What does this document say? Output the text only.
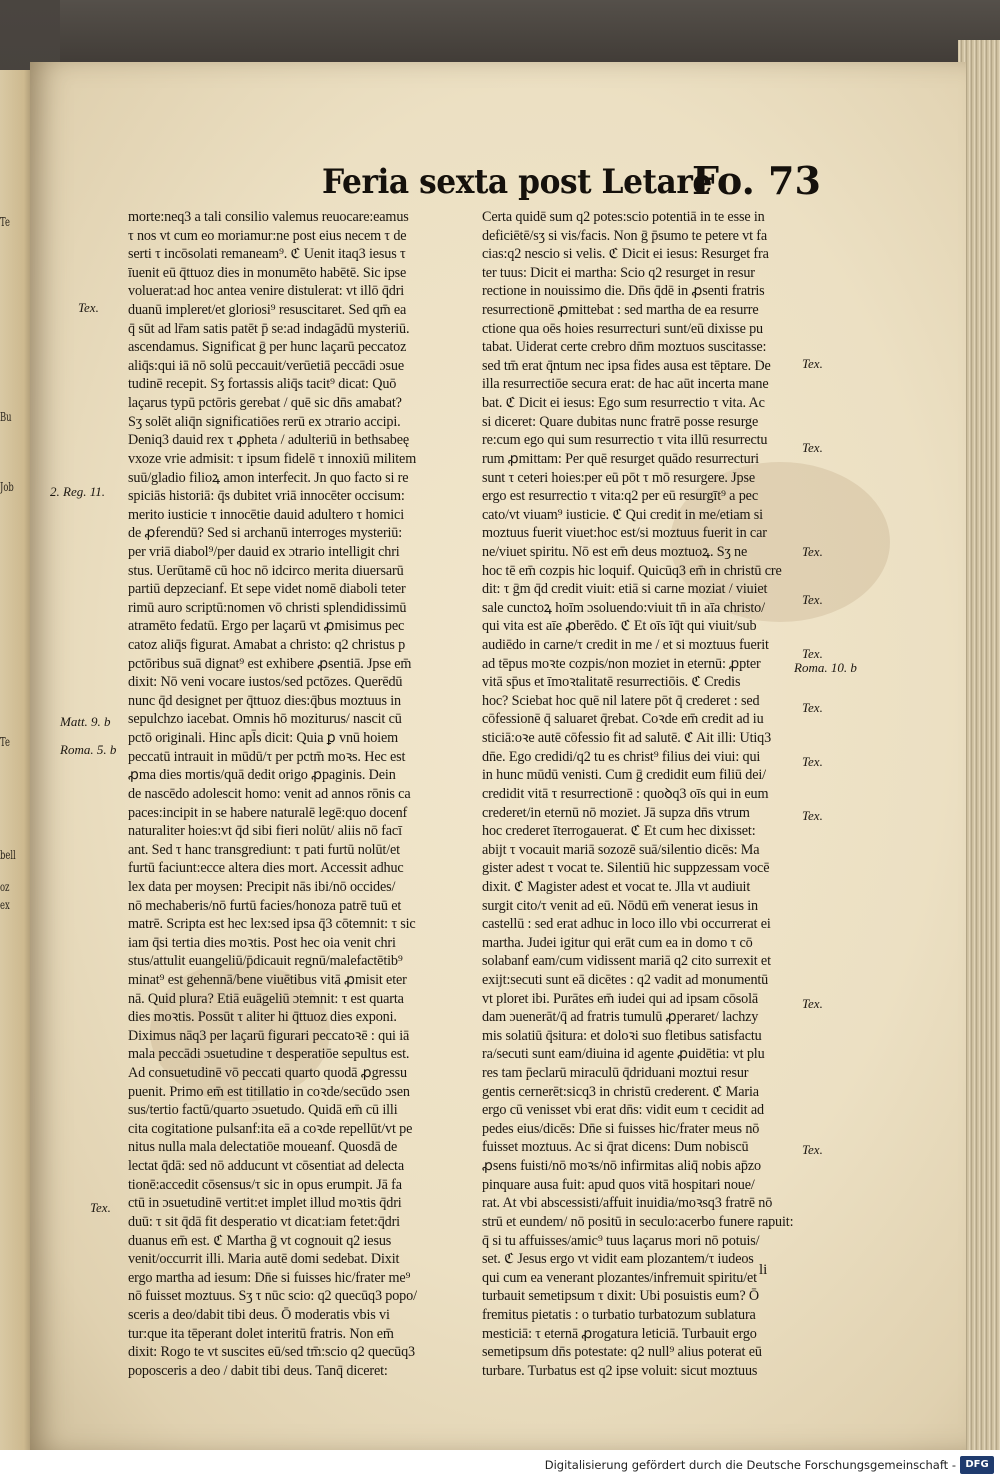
Te
Bu
Job
Te
bell
oz
ex
Feria sexta post Letare
Fo. 73
morte:neq3 a tali consilio valemus reuocare:eamus
τ nos vt cum eo moriamur:ne post eius necem τ de
serti τ incōsolati remaneam⁹. ℭ Uenit itaq3 iesus τ
īuenit eū q̄ttuoz dies in monumēto habētē. Sic ipse
voluerat:ad hoc antea venire distulerat: vt illō q̄dri
duanū impleret/et gloriosi⁹ resuscitaret. Sed qm̄ ea
q̄ sūt ad lr̄am satis patēt p̄ se:ad indagādū mysteriū.
ascendamus. Significat ḡ per hunc laçarū peccatoz
aliq̄s:qui iā nō solū peccauit/verūetiā peccādi ɔsue
tudinē recepit. Sʒ fortassis aliq̄s tacit⁹ dicat: Quō
laçarus typū pctōris gerebat / quē sic dn̄s amabat?
Sʒ solēt aliq̄n significatiōes rerū ex ɔtrario accipi.
Deniq3 dauid rex τ ꝓpheta / adulteriū in bethsabeę
vxoze vrie admisit: τ ipsum fidelē τ innoxiū militem
suū/gladio filioꝝ amon interfecit. Jn quo facto si re
spiciās historiā: q̄s dubitet vriā innocēter occisum:
merito iusticie τ innocētie dauid adultero τ homici
de ꝓferendū? Sed si archanū interroges mysteriū:
per vriā diabol⁹/per dauid ex ɔtrario intelligit chri
stus. Uerūtamē cū hoc nō idcirco merita diuersarū
partiū depzecianf. Et sepe videt nomē diaboli teter
rimū auro scriptū:nomen vō christi splendidissimū
atramēto fedatū. Ergo per laçarū vt ꝓmisimus pec
catoz aliq̄s figurat. Amabat a christo: q2 christus p
pctōribus suā dignat⁹ est exhibere ꝓsentiā. Jpse em̄
dixit: Nō veni vocare iustos/sed pctōzes. Querēdū
nunc q̄d designet per q̄ttuoz dies:q̄bus moztuus in
sepulchzo iacebat. Omnis hō moziturus/ nascit cū
pctō originali. Hinc apl̄s dicit: Quia ꝑ vnū hoiem
peccatū intrauit in mūdū/τ per pctm̄ moꝛs. Hec est
ꝓma dies mortis/quā dedit origo ꝓpaginis. Dein
de nascēdo adolescit homo: venit ad annos rōnis ca
paces:incipit in se habere naturalē legē:quo docenf
naturaliter hoies:vt q̄d sibi fieri nolūt/ aliis nō facī
ant. Sed τ hanc transgrediunt: τ pati furtū nolūt/et
furtū faciunt:ecce altera dies mort. Accessit adhuc
lex data per moysen: Precipit nās ibi/nō occides/
nō mechaberis/nō furtū facies/honoza patrē tuū et
matrē. Scripta est hec lex:sed ipsa q̄3 cōtemnit: τ sic
iam q̄si tertia dies moꝛtis. Post hec oia venit chri
stus/attulit euangeliū/p̄dicauit regnū/malefactētib⁹
minat⁹ est gehennā/bene viuētibus vitā ꝓmisit eter
nā. Quid plura? Etiā euāgeliū ɔtemnit: τ est quarta
dies moꝛtis. Possūt τ aliter hi q̄ttuoz dies exponi.
Diximus nāq3 per laçarū figurari peccatoꝛē : qui iā
mala peccādi ɔsuetudine τ desperatiōe sepultus est.
Ad consuetudinē vō peccati quarto quodā ꝓgressu
puenit. Primo em̄ est titillatio in coꝛde/secūdo ɔsen
sus/tertio factū/quarto ɔsuetudo. Quidā em̄ cū illi
cita cogitatione pulsanf:ita eā a coꝛde repellūt/vt pe
nitus nulla mala delectatiōe moueanf. Quosdā de
lectat q̄dā: sed nō adducunt vt cōsentiat ad delecta
tionē:accedit cōsensus/τ sic in opus erumpit. Jā fa
ctū in ɔsuetudinē vertit:et implet illud moꝛtis q̄dri
duū: τ sit q̄dā fit desperatio vt dicat:iam fetet:q̄dri
duanus em̄ est. ℭ Martha ḡ vt cognouit q2 iesus
venit/occurrit illi. Maria autē domi sedebat. Dixit
ergo martha ad iesum: Dn̄e si fuisses hic/frater me⁹
nō fuisset moztuus. Sʒ τ nūc scio: q2 quecūq3 popo/
sceris a deo/dabit tibi deus. Ō moderatis vbis vi
tur:que ita tēperant dolet interitū fratris. Non em̄
dixit: Rogo te vt suscites eū/sed tm̄:scio q2 quecūq3
poposceris a deo / dabit tibi deus. Tanq̄ diceret:
Certa quidē sum q2 potes:scio potentiā in te esse in
deficiētē/sʒ si vis/facis. Non ḡ p̄sumo te petere vt fa
cias:q2 nescio si velis. ℭ Dicit ei iesus: Resurget fra
ter tuus: Dicit ei martha: Scio q2 resurget in resur
rectione in nouissimo die. Dn̄s q̄dē in ꝓsenti fratris
resurrectionē ꝓmittebat : sed martha de ea resurre
ctione qua oēs hoies resurrecturi sunt/eū dixisse pu
tabat. Uiderat certe crebro dn̄m moztuos suscitasse:
sed tm̄ erat q̄ntum nec ipsa fides ausa est tēptare. De
illa resurrectiōe secura erat: de hac aūt incerta mane
bat. ℭ Dicit ei iesus: Ego sum resurrectio τ vita. Ac
si diceret: Quare dubitas nunc fratrē posse resurge
re:cum ego qui sum resurrectio τ vita illū resurrectu
rum ꝓmittam: Per quē resurget quādo resurrecturi
sunt τ ceteri hoies:per eū pōt τ mō resurgere. Jpse
ergo est resurrectio τ vita:q2 per eū resurgīt⁹ a pec
cato/vt viuam⁹ iusticie. ℭ Qui credit in me/etiam si
moztuus fuerit viuet:hoc est/si moztuus fuerit in car
ne/viuet spiritu. Nō est em̄ deus moztuoꝝ. Sʒ ne
hoc tē em̄ cozpis hic loquif. Quicūq3 em̄ in christū cre
dit: τ ḡm q̄d credit viuit: etiā si carne moziat / viuiet
sale cunctoꝝ hoīm ɔsoluendo:viuit tn̄ in aīa christo/
qui vita est aīe ꝓberēdo. ℭ Et oīs īq̄t qui viuit/sub
audiēdo in carne/τ credit in me / et si moztuus fuerit
ad tēpus moꝛte cozpis/non moziet in eternū: ꝓpter
vitā sp̄us et īmoꝛtalitatē resurrectiōis. ℭ Credis
hoc? Sciebat hoc quē nil latere pōt q̄ crederet : sed
cōfessionē q̄ saluaret q̄rebat. Coꝛde em̄ credit ad iu
sticiā:oꝛe autē cōfessio fit ad salutē. ℭ Ait illi: Utiq3
dn̄e. Ego credidi/q2 tu es christ⁹ filius dei viui: qui
in hunc mūdū venisti. Cum ḡ credidit eum filiū dei/
credidit vitā τ resurrectionē : quoꝺq3 oīs qui in eum
crederet/in eternū nō moziet. Jā supza dn̄s vtrum
hoc crederet īterrogauerat. ℭ Et cum hec dixisset:
abijt τ vocauit mariā sozozē suā/silentio dicēs: Ma
gister adest τ vocat te. Silentiū hic suppzessam vocē
dixit. ℭ Magister adest et vocat te. Jlla vt audiuit
surgit cito/τ venit ad eū. Nōdū em̄ venerat iesus in
castellū : sed erat adhuc in loco illo vbi occurrerat ei
martha. Judei igitur qui erāt cum ea in domo τ cō
solabanf eam/cum vidissent mariā q2 cito surrexit et
exijt:secuti sunt eā dicētes : q2 vadit ad monumentū
vt ploret ibi. Purātes em̄ iudei qui ad ipsam cōsolā
dam ɔuenerāt/q̄ ad fratris tumulū ꝓperaret/ lachzy
mis solatiū q̄situra: et doloꝛi suo fletibus satisfactu
ra/secuti sunt eam/diuina id agente ꝓuidētia: vt plu
res tam p̄eclarū miraculū q̄driduani moztui resur
gentis cernerēt:sicq3 in christū crederent. ℭ Maria
ergo cū venisset vbi erat dn̄s: vidit eum τ cecidit ad
pedes eius/dicēs: Dn̄e si fuisses hic/frater meus nō
fuisset moztuus. Ac si q̄rat dicens: Dum nobiscū
ꝓsens fuisti/nō moꝛs/nō infirmitas aliq̄ nobis ap̄zo
pinquare ausa fuit: apud quos vitā hospitari noue/
rat. At vbi abscessisti/affuit inuidia/moꝛsq3 fratrē nō
strū et eundem/ nō positū in seculo:acerbo funere rapuit:
q̄ si tu affuisses/amic⁹ tuus laçarus mori nō potuis/
set. ℭ Jesus ergo vt vidit eam plozantem/τ iudeos
qui cum ea venerant plozantes/infremuit spiritu/et
turbauit semetipsum τ dixit: Ubi posuistis eum? Ō
fremitus pietatis : o turbatio turbatozum sublatura
mesticiā: τ eternā ꝓrogatura leticiā. Turbauit ergo
semetipsum dn̄s potestate: q2 null⁹ alius poterat eū
turbare. Turbatus est q2 ipse voluit: sicut moztuus
Tex.
2. Reg. 11.
Matt. 9. b
Roma. 5. b
Tex.
Tex.
Tex.
Tex.
Tex.
Tex.
Roma. 10. b
Tex.
Tex.
Tex.
Tex.
Tex.
li
Digitalisierung gefördert durch die Deutsche Forschungsgemeinschaft - DFG
